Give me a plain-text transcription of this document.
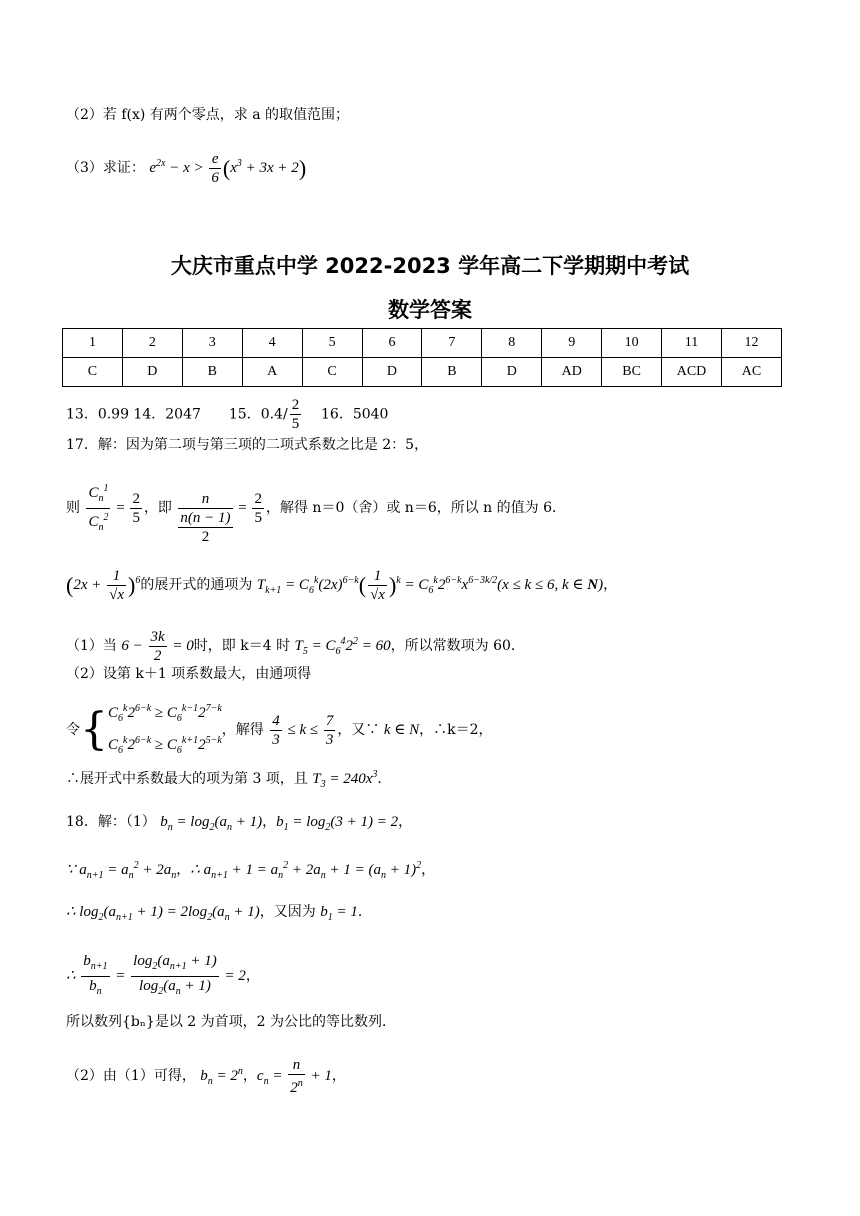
（2）若 f(x) 有两个零点，求 a 的取值范围；
（3）求证： $e^{2x} - x > \frac{e}{6} (x^3 + 3x + 2)$
大庆市重点中学 2022-2023 学年高二下学期期中考试
数学答案
1	2	3	4	5	6	7	8	9	10	11	12
C	D	B	A	C	D	B	D	AD	BC	ACD	AC
13．0.99 14．2047　　15．$0.4/ \frac{2}{5} 16$．5040
17．解：因为第二项与第三项的二项式系数之比是 2：5，
则 $\frac{C_n^1}{C_n^2} = \frac{2}{5}$ ，即
n
n(n − 1)
2
= $\frac{2}{5}$ ，解得 n＝0（舍）或 n＝6，所以 n 的值为 6．
$(2x + \frac{1}{√x} )^6$的展开式的通项为 $T_{k+1} = C_6^k(2x)^{6-k}( \frac{1}{√x} )^k = C_6^k2^{6-k}x^{6-3k/2}(x \le k \le 6$, k ∈ N)，
（1）当 $6 - \frac{3k}{2} = 0$时，即 k＝4 时 $T_5 = C_6^42^2 = 60$，所以常数项为 60．
（2）设第 k＋1 项系数最大，由通项得
令{ $C_6^k2^{6-k} \ge C_6^{k-1}2^{7-k}$
$C_6^k2^{6-k} \ge C_6^{k+1}2^{5-k}$
，解得 $\frac{4}{3} \le k \le \frac{7}{3}$ ，又∵ k ∈ N，∴k＝2，
∴展开式中系数最大的项为第 3 项，且 $T_3 = 240x^3$．
18．解：（1） $b_n = \log_2(a_n + 1)$，$b_1 = \log_2(3 + 1) = 2$，
∵ $a_{n+1} = a_n^2 + 2a_n$，∴ $a_{n+1} + 1 = a_n^2 + 2a_n + 1 = (a_n + 1)^2$，
∴ $\log_2(a_{n+1} + 1) = 2\log_2(a_n + 1)$，又因为 $b_1 = 1$．
∴ $\frac{b_{n+1}}{b_n} = \frac{\log_2(a_{n+1} + 1)}{\log_2(a_n + 1)} = 2$，
所以数列{bₙ}是以 2 为首项，2 为公比的等比数列．
（2）由（1）可得， $b_n = 2^n$，$c_n = \frac{n}{2^n} + 1$，
